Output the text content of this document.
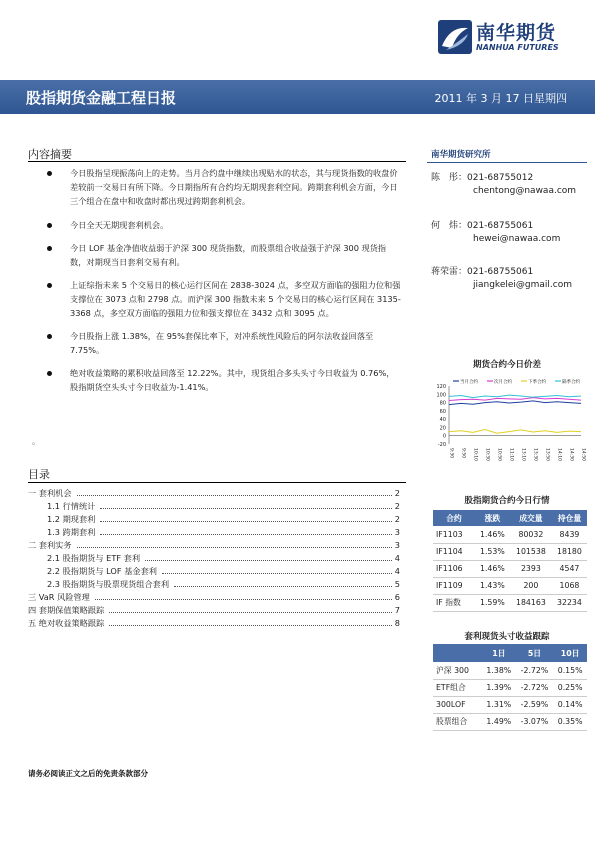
南华期货
NANHUA FUTURES
股指期货金融工程日报	2011 年 3 月 17 日星期四
内容摘要
今日股指呈现振荡向上的走势。当月合约盘中继续出现贴水的状态，其与现货指数的收盘价差较前一交易日有所下降。今日期指所有合约均无期现套利空间。跨期套利机会方面，今日三个组合在盘中和收盘时都出现过跨期套利机会。
今日全天无期现套利机会。
今日 LOF 基金净值收益弱于沪深 300 现货指数，而股票组合收益强于沪深 300 现货指数，对期现当日套利交易有利。
上证综指未来 5 个交易日的核心运行区间在 2838-3024 点，多空双方面临的强阻力位和强支撑位在 3073 点和 2798 点。而沪深 300 指数未来 5 个交易日的核心运行区间在 3135-3368 点，多空双方面临的强阻力位和强支撑位在 3432 点和 3095 点。
今日股指上涨 1.38%，在 95%套保比率下，对冲系统性风险后的阿尔法收益回落至 7.75%。
绝对收益策略的累积收益回落至 12.22%。其中，现货组合多头头寸今日收益为 0.76%，股指期货空头头寸今日收益为-1.41%。
。
目录
一 套利机会	2
1.1 行情统计	2
1.2 期现套利	2
1.3 跨期套利	3
二 套利实务	3
2.1 股指期货与 ETF 套利	4
2.2 股指期货与 LOF 基金套利	4
2.3 股指期货与股票现货组合套利	5
三 VaR 风险管理	6
四 套期保值策略跟踪	7
五 绝对收益策略跟踪	8
请务必阅读正文之后的免责条款部分
南华期货研究所
陈　彤：021-68755012
chentong@nawaa.com
何　炜：021-68755061
hewei@nawaa.com
蒋荣雷：021-68755061
jiangkelei@gmail.com
期货合约今日价差
-20
0
20
40
60
80
100
120
9:30 9:50 10:10 10:30 10:50 11:10 13:10 13:30 13:50 14:10 14:30 14:50
当月合约	次月合约	下季合约	隔季合约
股指期货合约今日行情
合约	涨跌	成交量	持仓量
IF1103	1.46%	80032	8439
IF1104	1.53%	101538	18180
IF1106	1.46%	2393	4547
IF1109	1.43%	200	1068
IF 指数	1.59%	184163	32234
套利现货头寸收益跟踪
	1日	5日	10日
沪深 300	1.38%	-2.72%	0.15%
ETF组合	1.39%	-2.72%	0.25%
300LOF	1.31%	-2.59%	0.14%
股票组合	1.49%	-3.07%	0.35%
